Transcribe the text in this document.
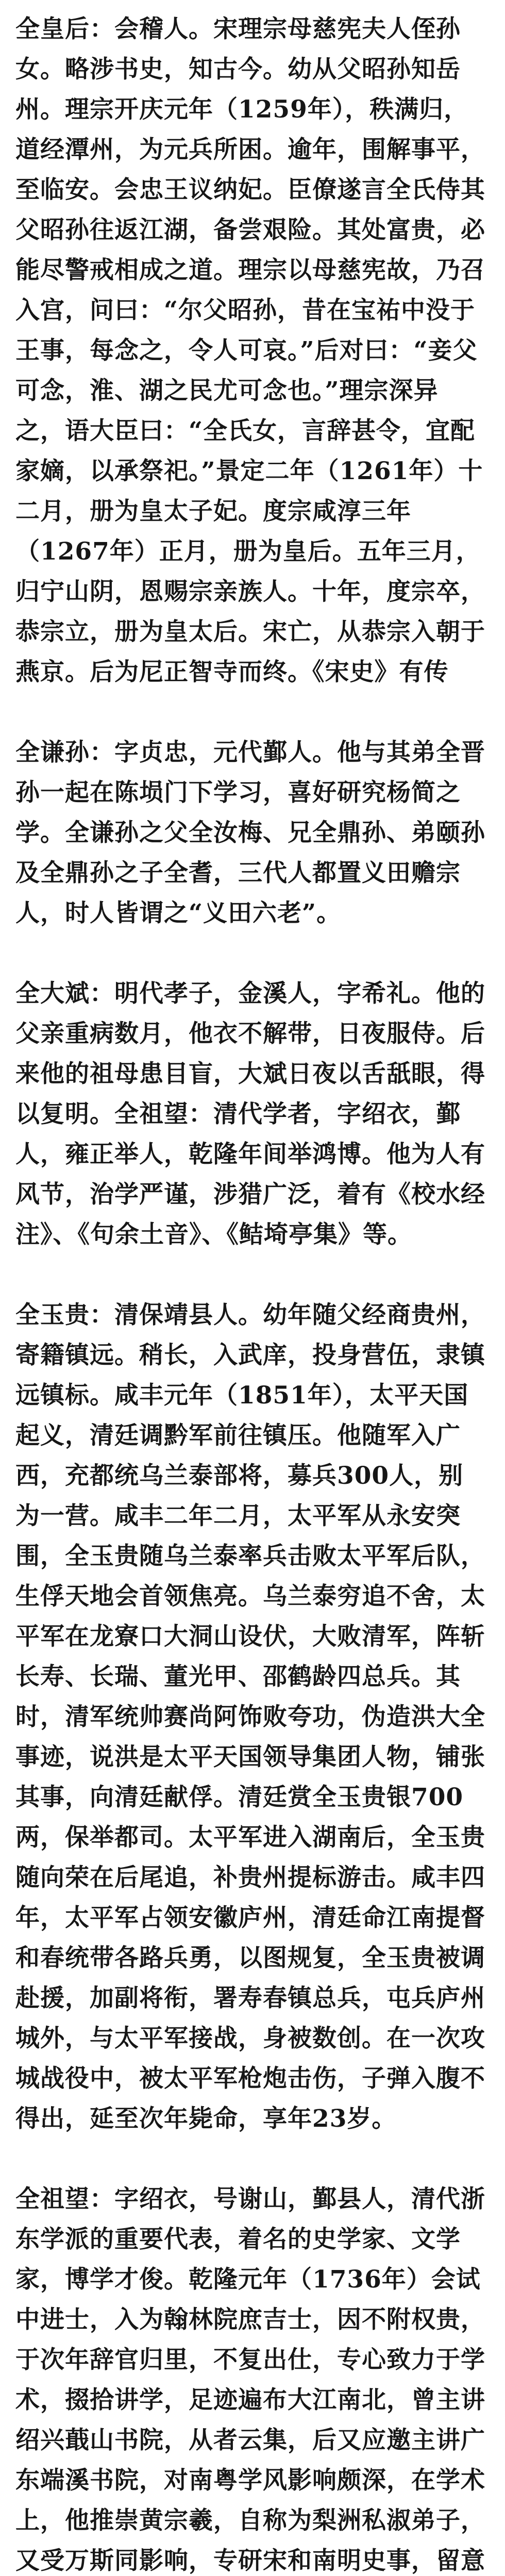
全皇后：会稽人。宋理宗母慈宪夫人侄孙女。略涉书史，知古今。幼从父昭孙知岳州。理宗开庆元年（1259年），秩满归，道经潭州，为元兵所困。逾年，围解事平，至临安。会忠王议纳妃。臣僚遂言全氏侍其父昭孙往返江湖，备尝艰险。其处富贵，必能尽警戒相成之道。理宗以母慈宪故，乃召入宫，问曰：“尔父昭孙，昔在宝祐中没于王事，每念之，令人可哀。”后对曰：“妾父可念，淮、湖之民尤可念也。”理宗深异之，语大臣曰：“全氏女，言辞甚令，宜配家嫡，以承祭祀。”景定二年（1261年）十二月，册为皇太子妃。度宗咸淳三年（1267年）正月，册为皇后。五年三月，归宁山阴，恩赐宗亲族人。十年，度宗卒，恭宗立，册为皇太后。宋亡，从恭宗入朝于燕京。后为尼正智寺而终。《宋史》有传

全谦孙：字贞忠，元代鄞人。他与其弟全晋孙一起在陈埙门下学习，喜好研究杨简之学。全谦孙之父全汝梅、兄全鼎孙、弟颐孙及全鼎孙之子全耆，三代人都置义田赡宗人，时人皆谓之“义田六老”。

全大斌：明代孝子，金溪人，字希礼。他的父亲重病数月，他衣不解带，日夜服侍。后来他的祖母患目盲，大斌日夜以舌舐眼，得以复明。全祖望：清代学者，字绍衣，鄞人，雍正举人，乾隆年间举鸿博。他为人有风节，治学严谨，涉猎广泛，着有《校水经注》、《句余土音》、《鲒埼亭集》等。

全玉贵：清保靖县人。幼年随父经商贵州，寄籍镇远。稍长，入武庠，投身营伍，隶镇远镇标。咸丰元年（1851年），太平天国起义，清廷调黔军前往镇压。他随军入广西，充都统乌兰泰部将，募兵300人，别为一营。咸丰二年二月，太平军从永安突围，全玉贵随乌兰泰率兵击败太平军后队，生俘天地会首领焦亮。乌兰泰穷追不舍，太平军在龙寮口大洞山设伏，大败清军，阵斩长寿、长瑞、董光甲、邵鹤龄四总兵。其时，清军统帅赛尚阿饰败夸功，伪造洪大全事迹，说洪是太平天国领导集团人物，铺张其事，向清廷献俘。清廷赏全玉贵银700两，保举都司。太平军进入湖南后，全玉贵随向荣在后尾追，补贵州提标游击。咸丰四年，太平军占领安徽庐州，清廷命江南提督和春统带各路兵勇，以图规复，全玉贵被调赴援，加副将衔，署寿春镇总兵，屯兵庐州城外，与太平军接战，身被数创。在一次攻城战役中，被太平军枪炮击伤，子弹入腹不得出，延至次年毙命，享年23岁。

全祖望：字绍衣，号谢山，鄞县人，清代浙东学派的重要代表，着名的史学家、文学家，博学才俊。乾隆元年（1736年）会试中进士，入为翰林院庶吉士，因不附权贵，于次年辞官归里，不复出仕，专心致力于学术，掇拾讲学，足迹遍布大江南北，曾主讲绍兴蕺山书院，从者云集，后又应邀主讲广东端溪书院，对南粤学风影响颇深，在学术上，他推崇黄宗羲，自称为梨洲私淑弟子，又受万斯同影响，专研宋和南明史事，留意
